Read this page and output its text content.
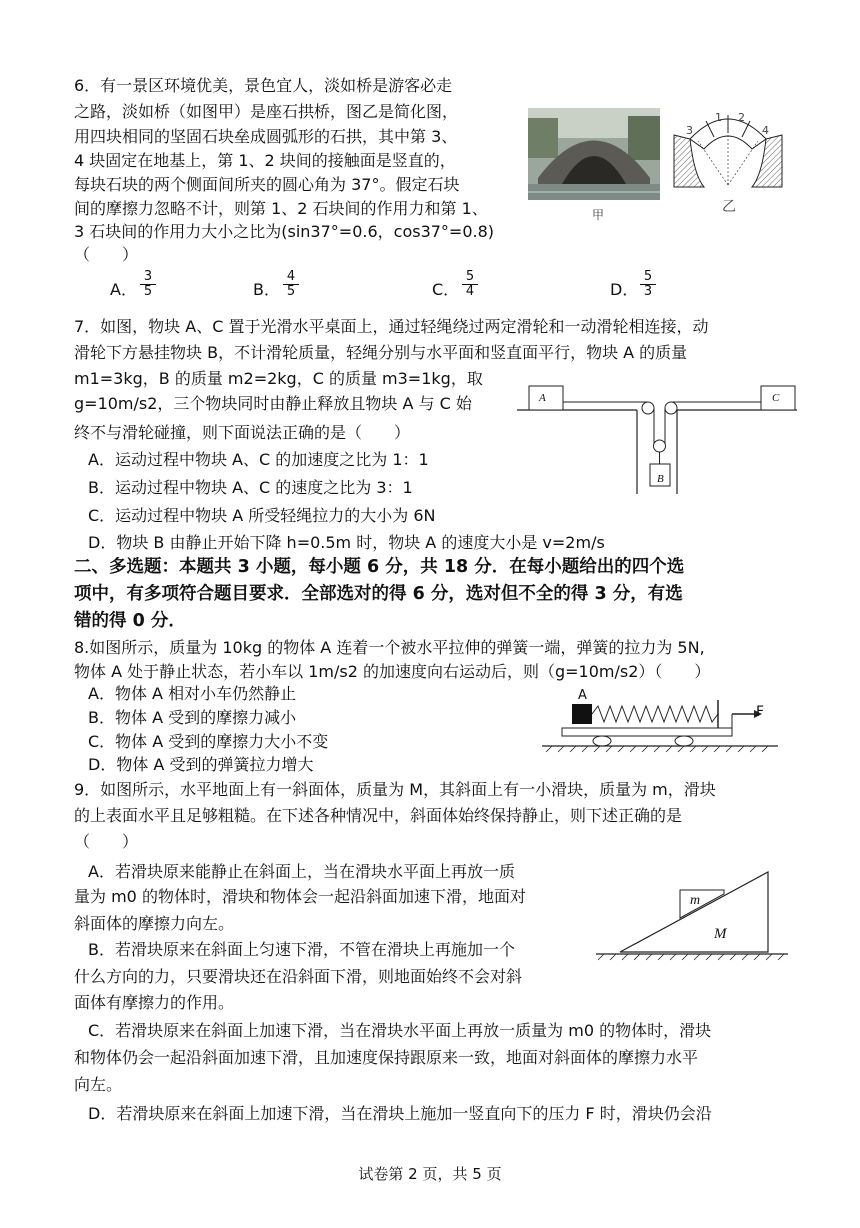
6．有一景区环境优美，景色宜人，淡如桥是游客必走
之路，淡如桥（如图甲）是座石拱桥，图乙是简化图，
用四块相同的坚固石块垒成圆弧形的石拱，其中第 3、
4 块固定在地基上，第 1、2 块间的接触面是竖直的，
每块石块的两个侧面间所夹的圆心角为 37°。假定石块
间的摩擦力忽略不计，则第 1、2 石块间的作用力和第 1、
3 石块间的作用力大小之比为(sin37°=0.6，cos37°=0.8)
（　　）
A． $\frac{3}{5}$	B． $\frac{4}{5}$	C． $\frac{5}{4}$	D． $\frac{5}{3}$
甲
1 2
3	4
乙
7．如图，物块 A、C 置于光滑水平桌面上，通过轻绳绕过两定滑轮和一动滑轮相连接，动
滑轮下方悬挂物块 B，不计滑轮质量，轻绳分别与水平面和竖直面平行，物块 A 的质量
m1=3kg，B 的质量 m2=2kg，C 的质量 m3=1kg，取
g=10m/s2，三个物块同时由静止释放且物块 A 与 C 始
终不与滑轮碰撞，则下面说法正确的是（　　）
A．运动过程中物块 A、C 的加速度之比为 1：1
B．运动过程中物块 A、C 的速度之比为 3：1
C．运动过程中物块 A 所受轻绳拉力的大小为 6N
D．物块 B 由静止开始下降 h=0.5m 时，物块 A 的速度大小是 v=2m/s
A	C
B
二、多选题：本题共 3 小题，每小题 6 分，共 18 分．在每小题给出的四个选
项中，有多项符合题目要求．全部选对的得 6 分，选对但不全的得 3 分，有选
错的得 0 分．
8.如图所示，质量为 10kg 的物体 A 连着一个被水平拉伸的弹簧一端，弹簧的拉力为 5N,
物体 A 处于静止状态，若小车以 1m/s2 的加速度向右运动后，则（g=10m/s2）（　　）
A．物体 A 相对小车仍然静止
B．物体 A 受到的摩擦力减小
C．物体 A 受到的摩擦力大小不变
D．物体 A 受到的弹簧拉力增大
A
F
9．如图所示，水平地面上有一斜面体，质量为 M，其斜面上有一小滑块，质量为 m，滑块
的上表面水平且足够粗糙。在下述各种情况中，斜面体始终保持静止，则下述正确的是
（　　）
A．若滑块原来能静止在斜面上，当在滑块水平面上再放一质
量为 m0 的物体时，滑块和物体会一起沿斜面加速下滑，地面对
斜面体的摩擦力向左。
B．若滑块原来在斜面上匀速下滑，不管在滑块上再施加一个
什么方向的力，只要滑块还在沿斜面下滑，则地面始终不会对斜
面体有摩擦力的作用。
C．若滑块原来在斜面上加速下滑，当在滑块水平面上再放一质量为 m0 的物体时，滑块
和物体仍会一起沿斜面加速下滑，且加速度保持跟原来一致，地面对斜面体的摩擦力水平
向左。
D．若滑块原来在斜面上加速下滑，当在滑块上施加一竖直向下的压力 F 时，滑块仍会沿
m
M
试卷第 2 页，共 5 页
